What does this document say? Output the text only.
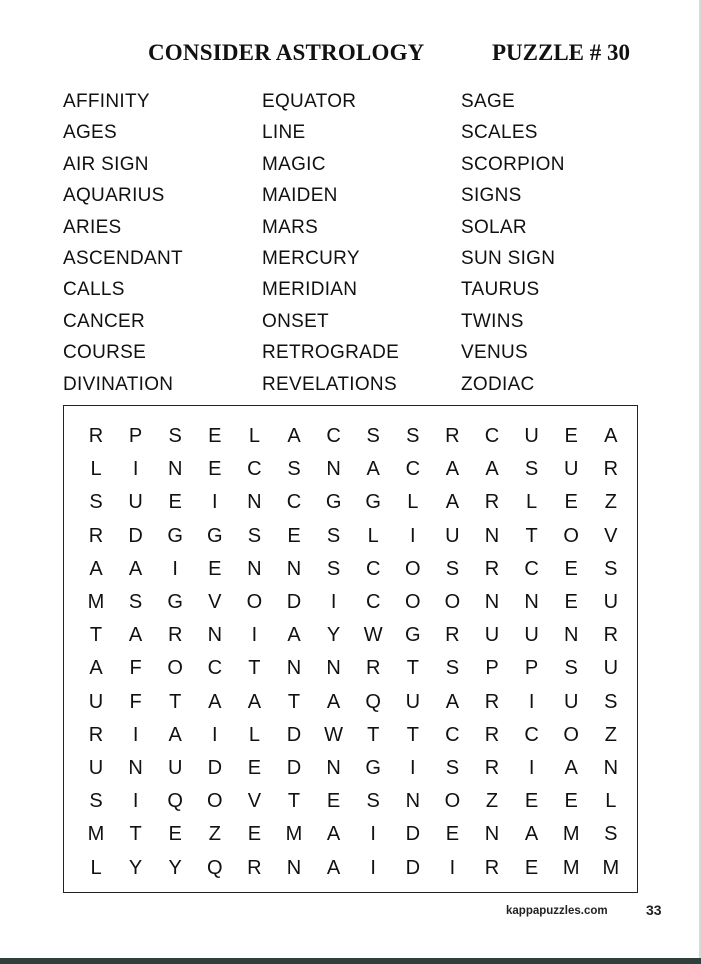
CONSIDER ASTROLOGY	PUZZLE # 30
AFFINITY
AGES
AIR SIGN
AQUARIUS
ARIES
ASCENDANT
CALLS
CANCER
COURSE
DIVINATION
EQUATOR
LINE
MAGIC
MAIDEN
MARS
MERCURY
MERIDIAN
ONSET
RETROGRADE
REVELATIONS
SAGE
SCALES
SCORPION
SIGNS
SOLAR
SUN SIGN
TAURUS
TWINS
VENUS
ZODIAC
R	P	S	E	L	A	C	S	S	R	C	U	E	A
L	I	N	E	C	S	N	A	C	A	A	S	U	R
S	U	E	I	N	C	G	G	L	A	R	L	E	Z
R	D	G	G	S	E	S	L	I	U	N	T	O	V
A	A	I	E	N	N	S	C	O	S	R	C	E	S
M	S	G	V	O	D	I	C	O	O	N	N	E	U
T	A	R	N	I	A	Y	W	G	R	U	U	N	R
A	F	O	C	T	N	N	R	T	S	P	P	S	U
U	F	T	A	A	T	A	Q	U	A	R	I	U	S
R	I	A	I	L	D	W	T	T	C	R	C	O	Z
U	N	U	D	E	D	N	G	I	S	R	I	A	N
S	I	Q	O	V	T	E	S	N	O	Z	E	E	L
M	T	E	Z	E	M	A	I	D	E	N	A	M	S
L	Y	Y	Q	R	N	A	I	D	I	R	E	M	M
kappapuzzles.com	33
